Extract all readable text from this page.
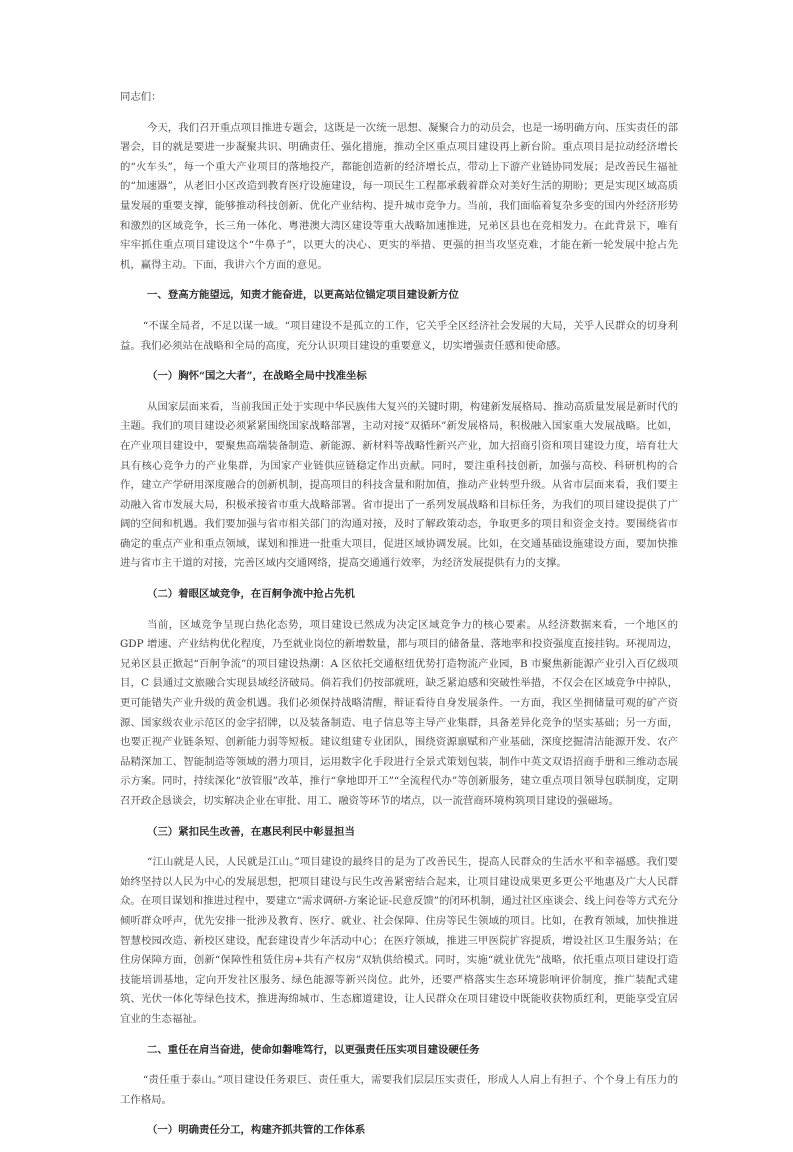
同志们：

今天，我们召开重点项目推进专题会，这既是一次统一思想、凝聚合力的动员会，也是一场明确方向、压实责任的部署会，目的就是要进一步凝聚共识、明确责任、强化措施，推动全区重点项目建设再上新台阶。重点项目是拉动经济增长的“火车头”，每一个重大产业项目的落地投产，都能创造新的经济增长点，带动上下游产业链协同发展；是改善民生福祉的“加速器”，从老旧小区改造到教育医疗设施建设，每一项民生工程都承载着群众对美好生活的期盼；更是实现区域高质量发展的重要支撑，能够推动科技创新、优化产业结构、提升城市竞争力。当前，我们面临着复杂多变的国内外经济形势和激烈的区域竞争，长三角一体化、粤港澳大湾区建设等重大战略加速推进，兄弟区县也在竞相发力。在此背景下，唯有牢牢抓住重点项目建设这个“牛鼻子”，以更大的决心、更实的举措、更强的担当攻坚克难，才能在新一轮发展中抢占先机，赢得主动。下面，我讲六个方面的意见。

一、登高方能望远，知责才能奋进，以更高站位锚定项目建设新方位

“不谋全局者，不足以谋一域。“项目建设不是孤立的工作，它关乎全区经济社会发展的大局，关乎人民群众的切身利益。我们必须站在战略和全局的高度，充分认识项目建设的重要意义，切实增强责任感和使命感。

（一）胸怀“国之大者”，在战略全局中找准坐标

从国家层面来看，当前我国正处于实现中华民族伟大复兴的关键时期，构建新发展格局、推动高质量发展是新时代的主题。我们的项目建设必须紧紧围绕国家战略部署，主动对接“双循环”新发展格局，积极融入国家重大发展战略。比如，在产业项目建设中，要聚焦高端装备制造、新能源、新材料等战略性新兴产业，加大招商引资和项目建设力度，培育壮大具有核心竞争力的产业集群，为国家产业链供应链稳定作出贡献。同时，要注重科技创新，加强与高校、科研机构的合作，建立产学研用深度融合的创新机制，提高项目的科技含量和附加值，推动产业转型升级。从省市层面来看，我们要主动融入省市发展大局，积极承接省市重大战略部署。省市提出了一系列发展战略和目标任务，为我们的项目建设提供了广阔的空间和机遇。我们要加强与省市相关部门的沟通对接，及时了解政策动态，争取更多的项目和资金支持。要围绕省市确定的重点产业和重点领域，谋划和推进一批重大项目，促进区域协调发展。比如，在交通基础设施建设方面，要加快推进与省市主干道的对接，完善区域内交通网络，提高交通通行效率，为经济发展提供有力的支撑。

（二）着眼区域竞争，在百舸争流中抢占先机

当前，区域竞争呈现白热化态势，项目建设已然成为决定区域竞争力的核心要素。从经济数据来看，一个地区的 GDP 增速、产业结构优化程度，乃至就业岗位的新增数量，都与项目的储备量、落地率和投资强度直接挂钩。环视周边，兄弟区县正掀起“百舸争流”的项目建设热潮：A 区依托交通枢纽优势打造物流产业园，B 市聚焦新能源产业引入百亿级项目，C 县通过文旅融合实现县域经济破局。倘若我们仍按部就班，缺乏紧迫感和突破性举措，不仅会在区域竞争中掉队，更可能错失产业升级的黄金机遇。我们必须保持战略清醒，辩证看待自身发展条件。一方面，我区坐拥储量可观的矿产资源、国家级农业示范区的金字招牌，以及装备制造、电子信息等主导产业集群，具备差异化竞争的坚实基础；另一方面，也要正视产业链条短、创新能力弱等短板。建议组建专业团队，围绕资源禀赋和产业基础，深度挖掘清洁能源开发、农产品精深加工、智能制造等领域的潜力项目，运用数字化手段进行全景式策划包装，制作中英文双语招商手册和三维动态展示方案。同时，持续深化“放管服”改革，推行“拿地即开工”“全流程代办”等创新服务，建立重点项目领导包联制度，定期召开政企恳谈会，切实解决企业在审批、用工、融资等环节的堵点，以一流营商环境构筑项目建设的强磁场。

（三）紧扣民生改善，在惠民利民中彰显担当

“江山就是人民，人民就是江山。”项目建设的最终目的是为了改善民生，提高人民群众的生活水平和幸福感。我们要始终坚持以人民为中心的发展思想，把项目建设与民生改善紧密结合起来，让项目建设成果更多更公平地惠及广大人民群众。在项目谋划和推进过程中，要建立“需求调研-方案论证-民意反馈”的闭环机制，通过社区座谈会、线上问卷等方式充分倾听群众呼声，优先安排一批涉及教育、医疗、就业、社会保障、住房等民生领域的项目。比如，在教育领域，加快推进智慧校园改造、新校区建设，配套建设青少年活动中心；在医疗领域，推进三甲医院扩容提质，增设社区卫生服务站；在住房保障方面，创新“保障性租赁住房+共有产权房”双轨供给模式。同时，实施“就业优先”战略，依托重点项目建设打造技能培训基地，定向开发社区服务、绿色能源等新兴岗位。此外，还要严格落实生态环境影响评价制度，推广装配式建筑、光伏一体化等绿色技术，推进海绵城市、生态廊道建设，让人民群众在项目建设中既能收获物质红利，更能享受宜居宜业的生态福祉。

二、重任在肩当奋进，使命如磐唯笃行，以更强责任压实项目建设硬任务

“责任重于泰山。”项目建设任务艰巨、责任重大，需要我们层层压实责任，形成人人肩上有担子、个个身上有压力的工作格局。

（一）明确责任分工，构建齐抓共管的工作体系
